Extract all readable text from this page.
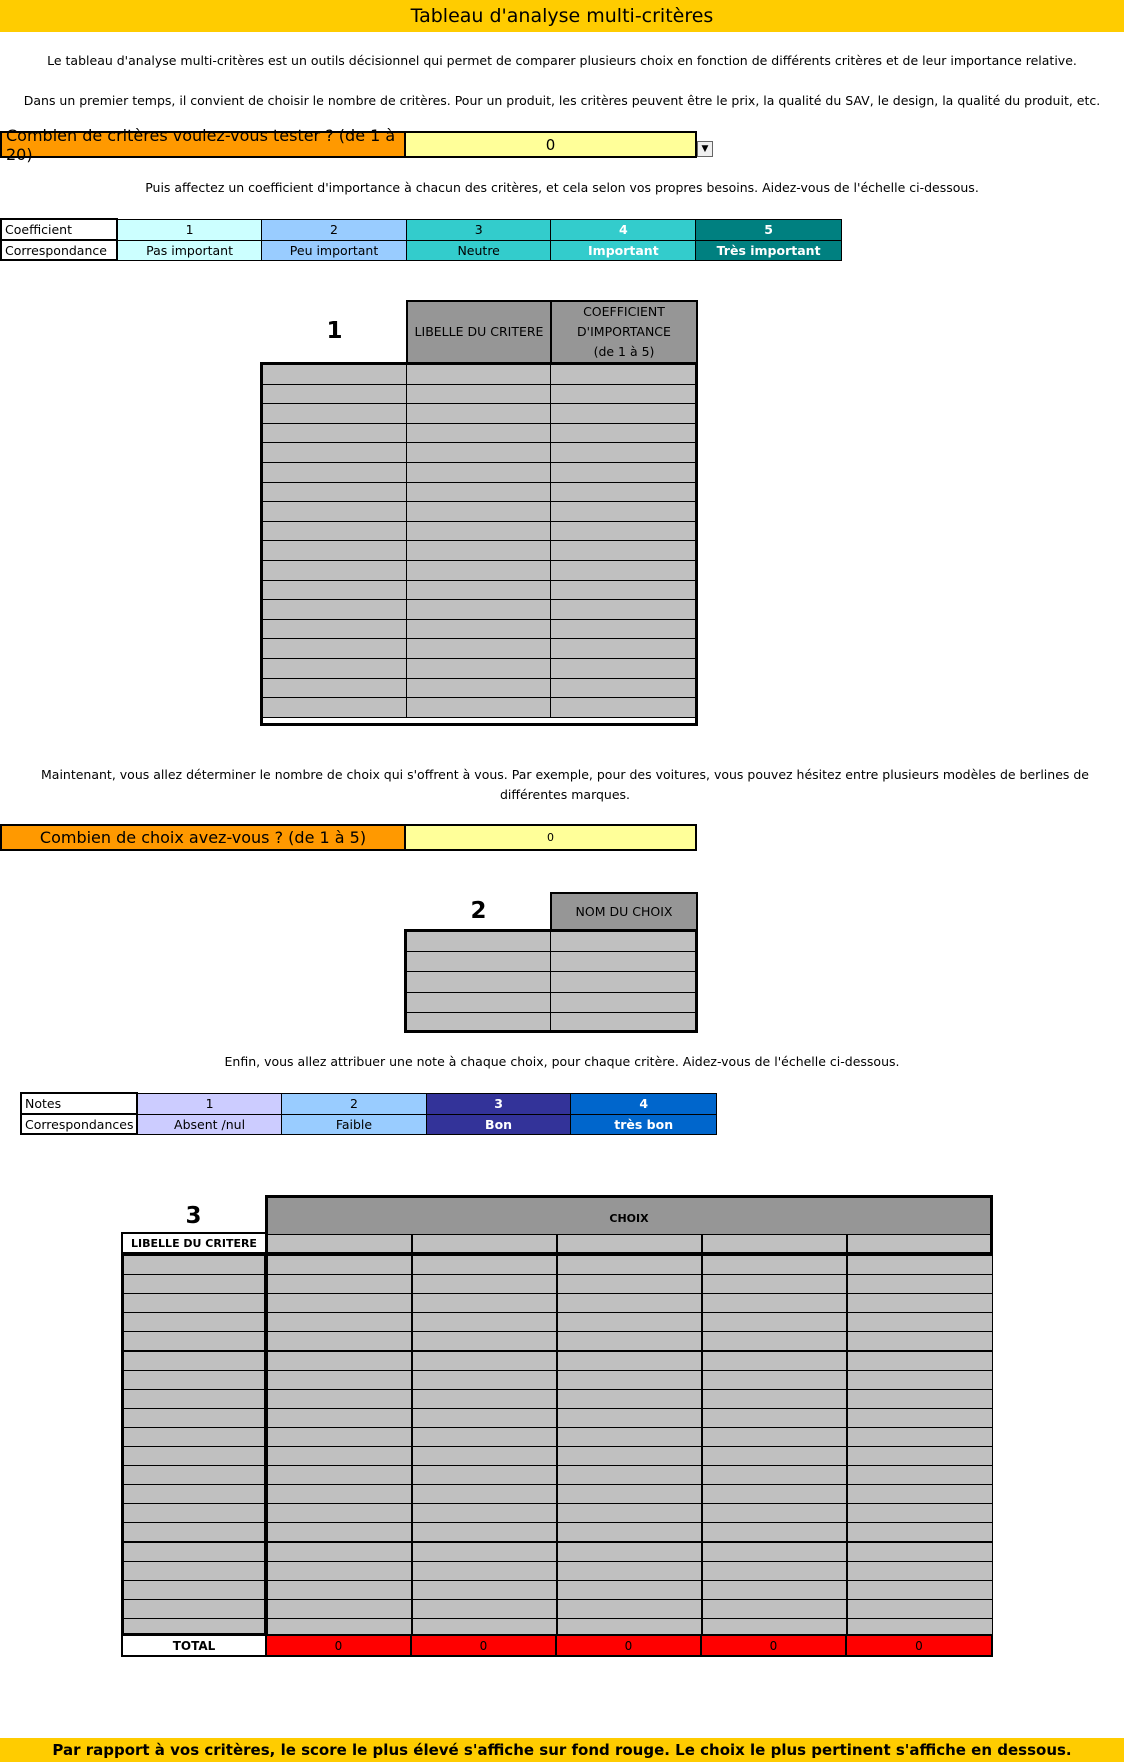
Tableau d'analyse multi-critères
Le tableau d'analyse multi-critères est un outils décisionnel qui permet de comparer plusieurs choix en fonction de différents critères et de leur importance relative.
Dans un premier temps, il convient de choisir le nombre de critères. Pour un produit, les critères peuvent être le prix, la qualité du SAV, le design, la qualité du produit, etc.
Combien de critères voulez-vous tester ? (de 1 à 20)	0	▼
Puis affectez un coefficient d'importance à chacun des critères, et cela selon vos propres besoins. Aidez-vous de l'échelle ci-dessous.
Coefficient	1	2	3	4	5
Correspondance	Pas important	Peu important	Neutre	Important	Très important
1	LIBELLE DU CRITERE
COEFFICIENT
D'IMPORTANCE
(de 1 à 5)
Maintenant, vous allez déterminer le nombre de choix qui s'offrent à vous. Par exemple, pour des voitures, vous pouvez hésitez entre plusieurs modèles de berlines de différentes marques.
Combien de choix avez-vous ? (de 1 à 5)	0
2	NOM DU CHOIX
Enfin, vous allez attribuer une note à chaque choix, pour chaque critère. Aidez-vous de l'échelle ci-dessous.
Notes	1	2	3	4
Correspondances	Absent /nul	Faible	Bon	très bon
3	CHOIX
LIBELLE DU CRITERE
TOTAL	0	0	0	0	0
Par rapport à vos critères, le score le plus élevé s'affiche sur fond rouge. Le choix le plus pertinent s'affiche en dessous.
